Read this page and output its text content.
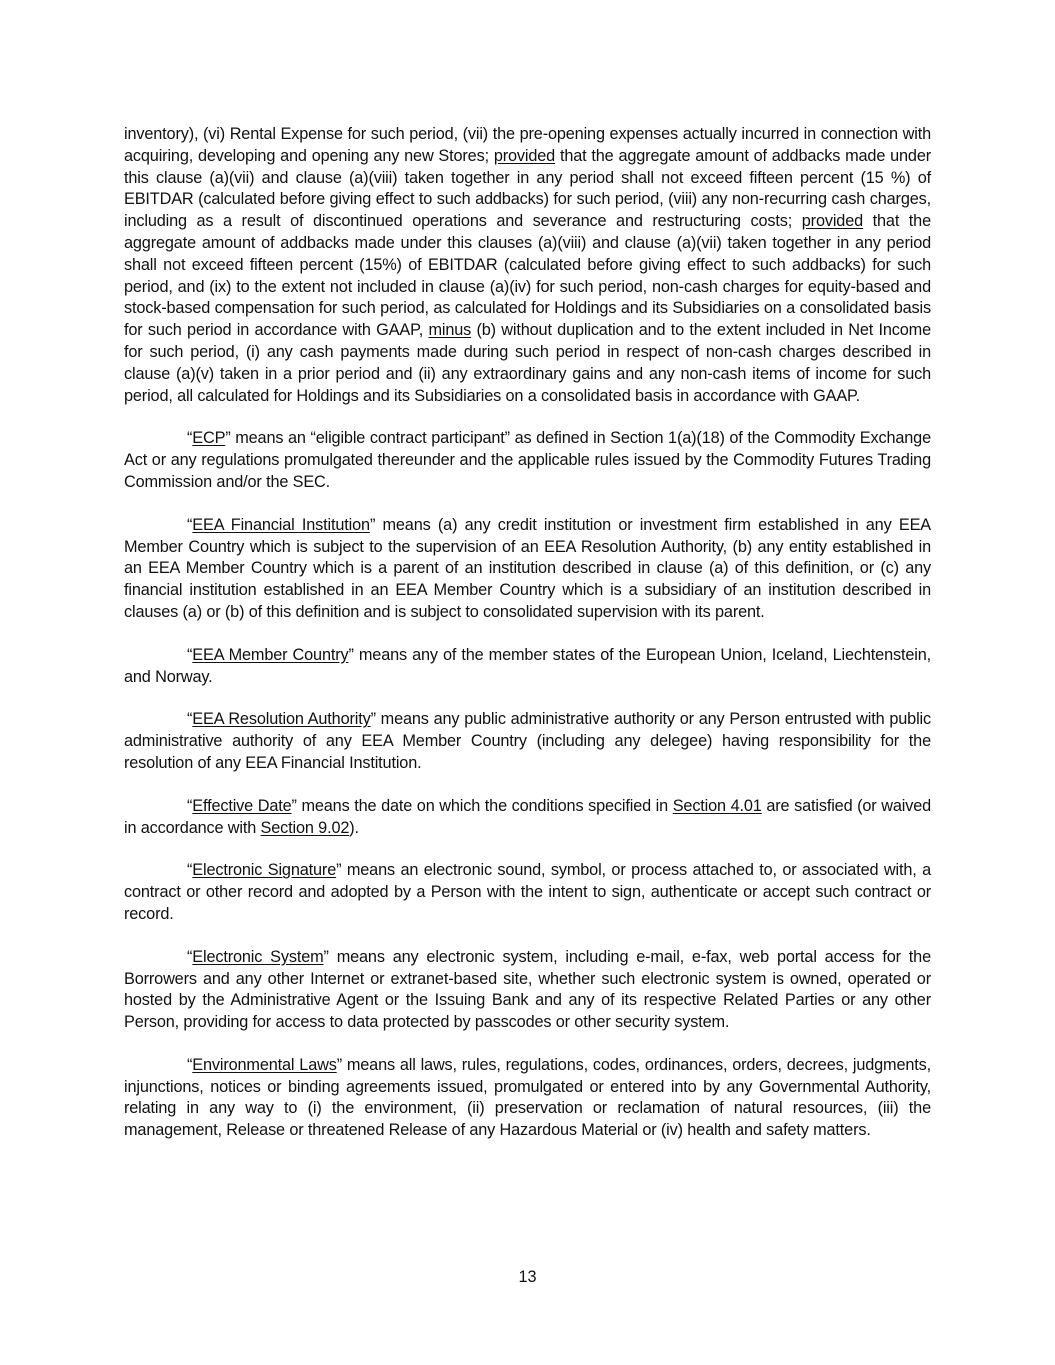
inventory), (vi) Rental Expense for such period, (vii) the pre-opening expenses actually incurred in connection with acquiring, developing and opening any new Stores; provided that the aggregate amount of addbacks made under this clause (a)(vii) and clause (a)(viii) taken together in any period shall not exceed fifteen percent (15 %) of EBITDAR (calculated before giving effect to such addbacks) for such period, (viii) any non-recurring cash charges, including as a result of discontinued operations and severance and restructuring costs; provided that the aggregate amount of addbacks made under this clauses (a)(viii) and clause (a)(vii) taken together in any period shall not exceed fifteen percent (15%) of EBITDAR (calculated before giving effect to such addbacks) for such period, and (ix) to the extent not included in clause (a)(iv) for such period, non-cash charges for equity-based and stock-based compensation for such period, as calculated for Holdings and its Subsidiaries on a consolidated basis for such period in accordance with GAAP, minus (b) without duplication and to the extent included in Net Income for such period, (i) any cash payments made during such period in respect of non-cash charges described in clause (a)(v) taken in a prior period and (ii) any extraordinary gains and any non-cash items of income for such period, all calculated for Holdings and its Subsidiaries on a consolidated basis in accordance with GAAP.

“ECP” means an “eligible contract participant” as defined in Section 1(a)(18) of the Commodity Exchange Act or any regulations promulgated thereunder and the applicable rules issued by the Commodity Futures Trading Commission and/or the SEC.

“EEA Financial Institution” means (a) any credit institution or investment firm established in any EEA Member Country which is subject to the supervision of an EEA Resolution Authority, (b) any entity established in an EEA Member Country which is a parent of an institution described in clause (a) of this definition, or (c) any financial institution established in an EEA Member Country which is a subsidiary of an institution described in clauses (a) or (b) of this definition and is subject to consolidated supervision with its parent.

“EEA Member Country” means any of the member states of the European Union, Iceland, Liechtenstein, and Norway.

“EEA Resolution Authority” means any public administrative authority or any Person entrusted with public administrative authority of any EEA Member Country (including any delegee) having responsibility for the resolution of any EEA Financial Institution.

“Effective Date” means the date on which the conditions specified in Section 4.01 are satisfied (or waived in accordance with Section 9.02).

“Electronic Signature” means an electronic sound, symbol, or process attached to, or associated with, a contract or other record and adopted by a Person with the intent to sign, authenticate or accept such contract or record.

“Electronic System” means any electronic system, including e-mail, e-fax, web portal access for the Borrowers and any other Internet or extranet-based site, whether such electronic system is owned, operated or hosted by the Administrative Agent or the Issuing Bank and any of its respective Related Parties or any other Person, providing for access to data protected by passcodes or other security system.

“Environmental Laws” means all laws, rules, regulations, codes, ordinances, orders, decrees, judgments, injunctions, notices or binding agreements issued, promulgated or entered into by any Governmental Authority, relating in any way to (i) the environment, (ii) preservation or reclamation of natural resources, (iii) the management, Release or threatened Release of any Hazardous Material or (iv) health and safety matters.

13
